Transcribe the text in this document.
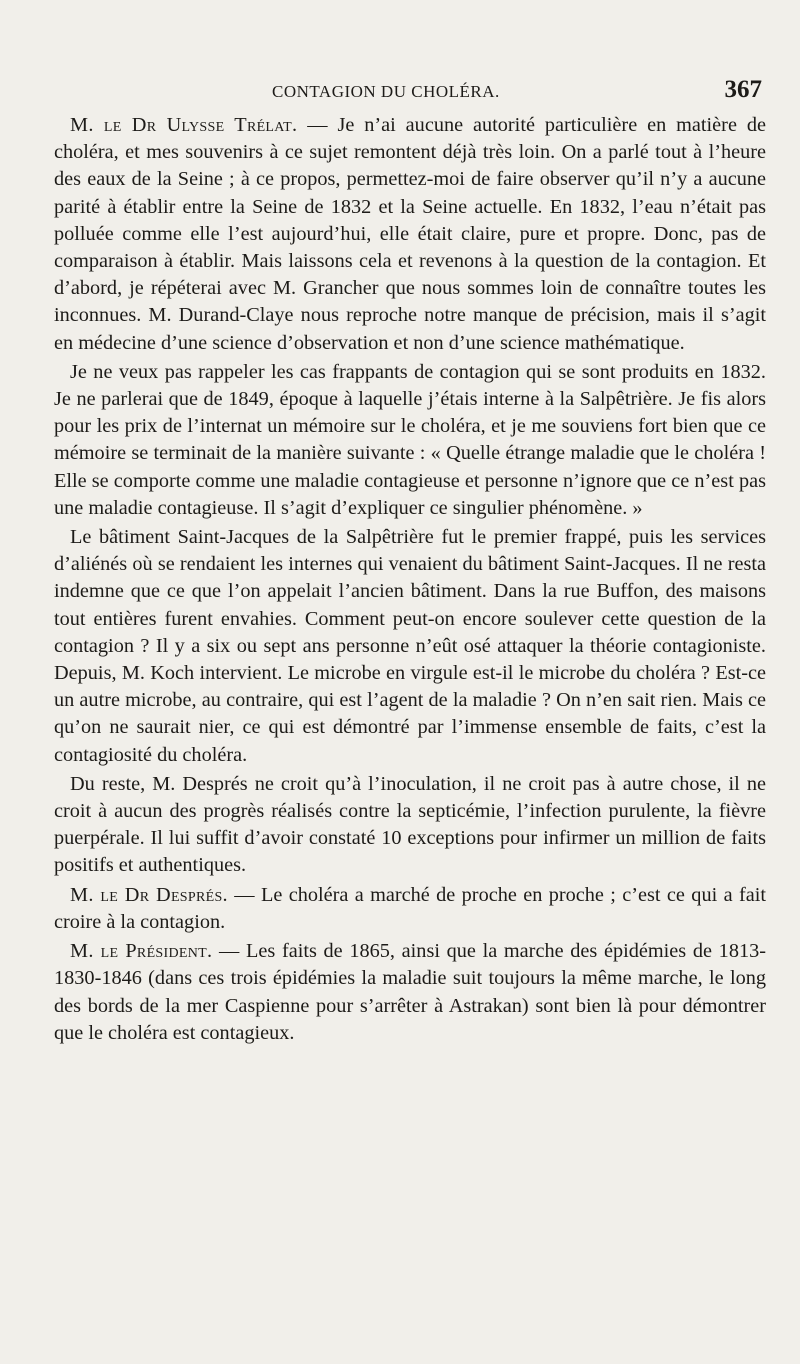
CONTAGION DU CHOLÉRA.	367

M. le Dr Ulysse Trélat. — Je n’ai aucune autorité particulière en matière de choléra, et mes souvenirs à ce sujet remontent déjà très loin. On a parlé tout à l’heure des eaux de la Seine ; à ce propos, permettez-moi de faire observer qu’il n’y a aucune parité à établir entre la Seine de 1832 et la Seine actuelle. En 1832, l’eau n’était pas polluée comme elle l’est aujourd’hui, elle était claire, pure et propre. Donc, pas de comparaison à établir. Mais laissons cela et revenons à la question de la contagion. Et d’abord, je répéterai avec M. Grancher que nous sommes loin de connaître toutes les inconnues. M. Durand-Claye nous reproche notre manque de précision, mais il s’agit en médecine d’une science d’observation et non d’une science mathématique.

Je ne veux pas rappeler les cas frappants de contagion qui se sont produits en 1832. Je ne parlerai que de 1849, époque à laquelle j’étais interne à la Salpêtrière. Je fis alors pour les prix de l’internat un mémoire sur le choléra, et je me souviens fort bien que ce mémoire se terminait de la manière suivante : « Quelle étrange maladie que le choléra ! Elle se comporte comme une maladie contagieuse et personne n’ignore que ce n’est pas une maladie contagieuse. Il s’agit d’expliquer ce singulier phénomène. »

Le bâtiment Saint-Jacques de la Salpêtrière fut le premier frappé, puis les services d’aliénés où se rendaient les internes qui venaient du bâtiment Saint-Jacques. Il ne resta indemne que ce que l’on appelait l’ancien bâtiment. Dans la rue Buffon, des maisons tout entières furent envahies. Comment peut-on encore soulever cette question de la contagion ? Il y a six ou sept ans personne n’eût osé attaquer la théorie contagioniste. Depuis, M. Koch intervient. Le microbe en virgule est-il le microbe du choléra ? Est-ce un autre microbe, au contraire, qui est l’agent de la maladie ? On n’en sait rien. Mais ce qu’on ne saurait nier, ce qui est démontré par l’immense ensemble de faits, c’est la contagiosité du choléra.

Du reste, M. Després ne croit qu’à l’inoculation, il ne croit pas à autre chose, il ne croit à aucun des progrès réalisés contre la septicémie, l’infection purulente, la fièvre puerpérale. Il lui suffit d’avoir constaté 10 exceptions pour infirmer un million de faits positifs et authentiques.

M. le Dr Després. — Le choléra a marché de proche en proche ; c’est ce qui a fait croire à la contagion.

M. le Président. — Les faits de 1865, ainsi que la marche des épidémies de 1813-1830-1846 (dans ces trois épidémies la maladie suit toujours la même marche, le long des bords de la mer Caspienne pour s’arrêter à Astrakan) sont bien là pour démontrer que le choléra est contagieux.
